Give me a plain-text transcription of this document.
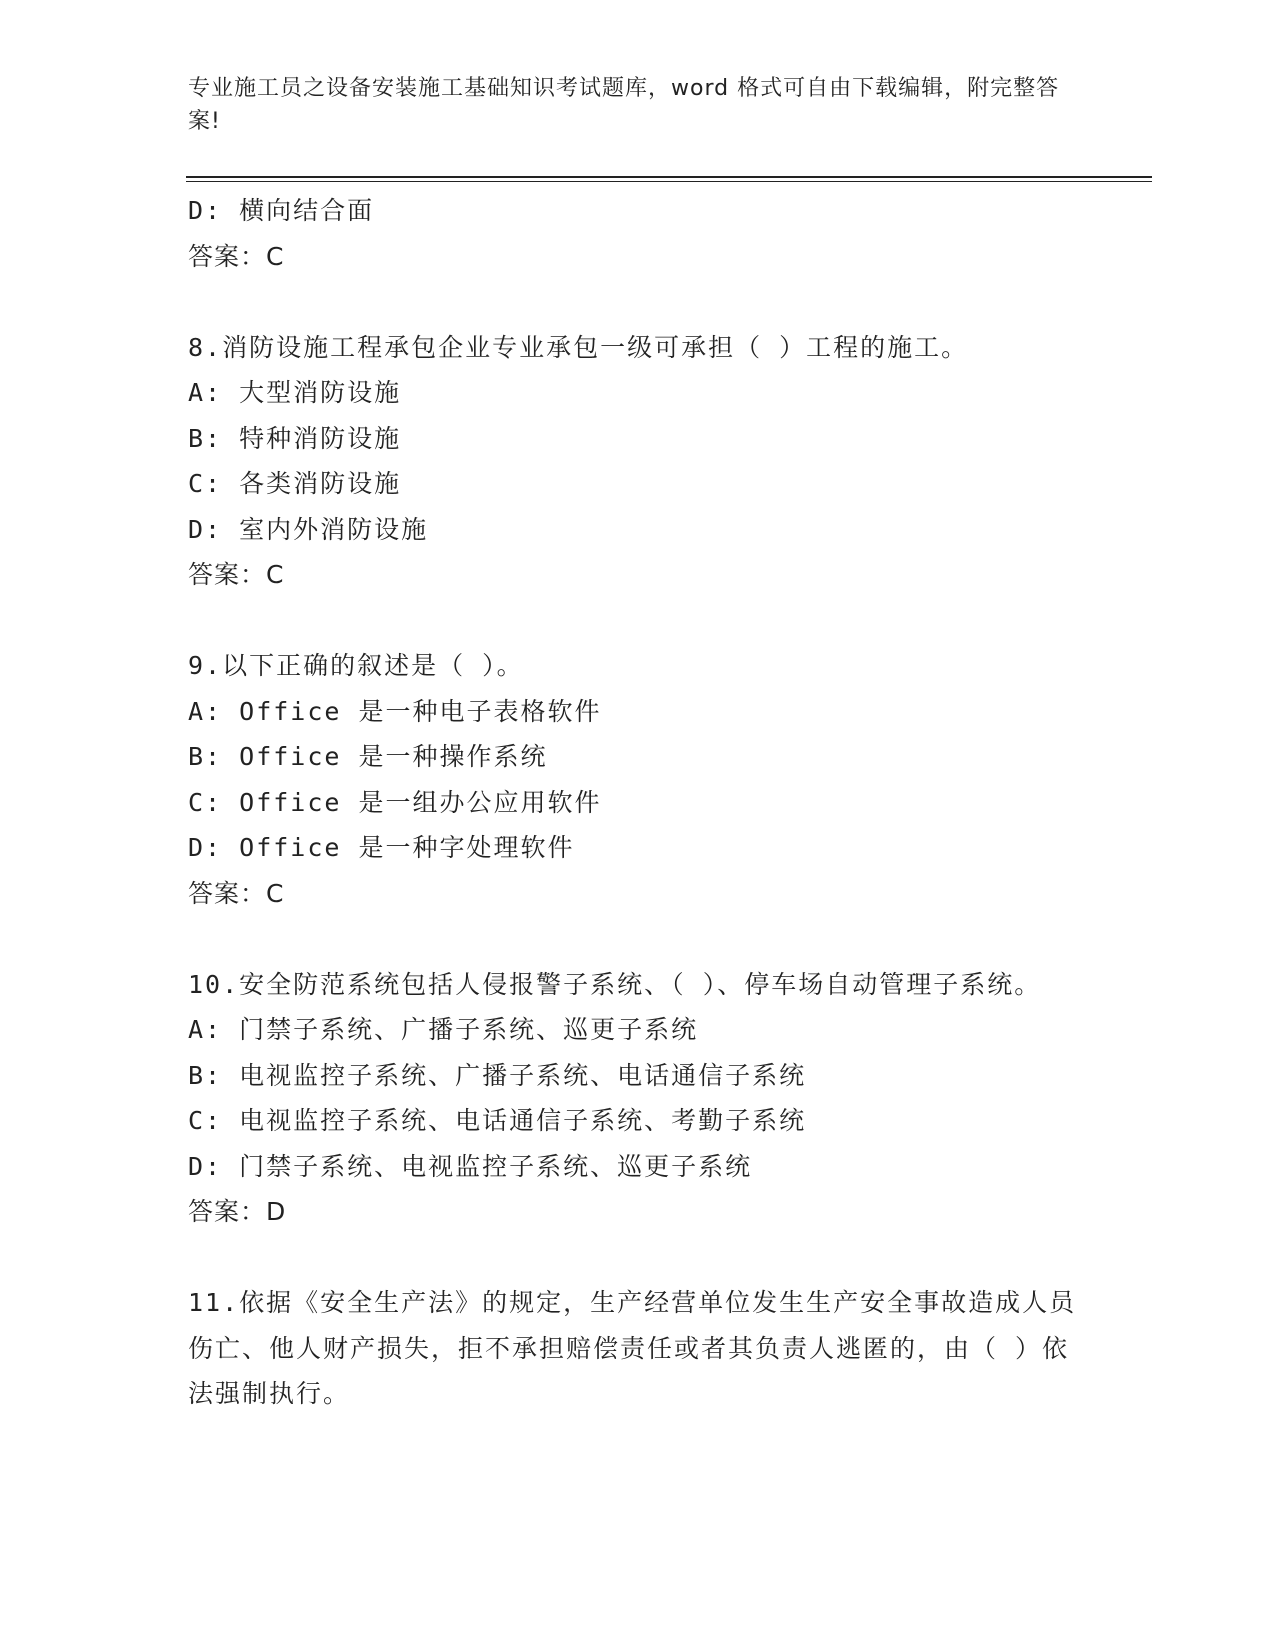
专业施工员之设备安装施工基础知识考试题库，word 格式可自由下载编辑，附完整答案!
D: 横向结合面
答案：C
8.消防设施工程承包企业专业承包一级可承担（ ）工程的施工。
A: 大型消防设施
B: 特种消防设施
C: 各类消防设施
D: 室内外消防设施
答案：C
9.以下正确的叙述是（ ）。
A: Office 是一种电子表格软件
B: Office 是一种操作系统
C: Office 是一组办公应用软件
D: Office 是一种字处理软件
答案：C
10.安全防范系统包括人侵报警子系统、（ ）、停车场自动管理子系统。
A: 门禁子系统、广播子系统、巡更子系统
B: 电视监控子系统、广播子系统、电话通信子系统
C: 电视监控子系统、电话通信子系统、考勤子系统
D: 门禁子系统、电视监控子系统、巡更子系统
答案：D
11.依据《安全生产法》的规定，生产经营单位发生生产安全事故造成人员伤亡、他人财产损失，拒不承担赔偿责任或者其负责人逃匿的，由（ ）依法强制执行。
